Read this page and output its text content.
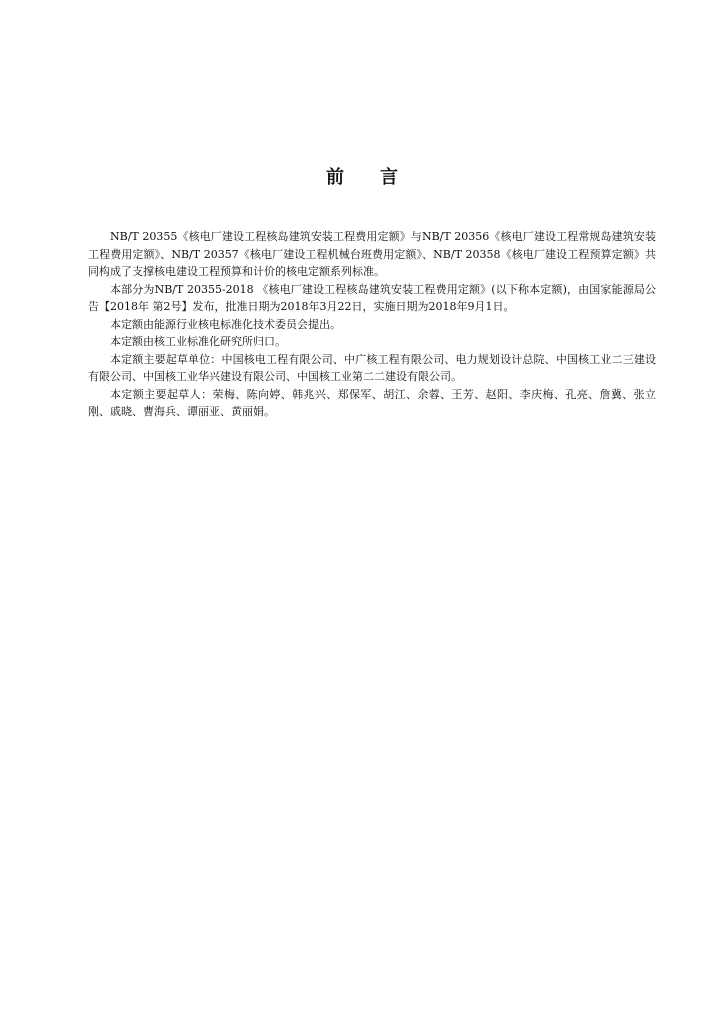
前　　言

NB/T 20355《核电厂建设工程核岛建筑安装工程费用定额》与NB/T 20356《核电厂建设工程常规岛建筑安装工程费用定额》、NB/T 20357《核电厂建设工程机械台班费用定额》、NB/T 20358《核电厂建设工程预算定额》共同构成了支撑核电建设工程预算和计价的核电定额系列标准。

本部分为NB/T 20355-2018 《核电厂建设工程核岛建筑安装工程费用定额》(以下称本定额)，由国家能源局公告【2018年 第2号】发布，批准日期为2018年3月22日，实施日期为2018年9月1日。

本定额由能源行业核电标准化技术委员会提出。

本定额由核工业标准化研究所归口。

本定额主要起草单位：中国核电工程有限公司、中广核工程有限公司、电力规划设计总院、中国核工业二三建设有限公司、中国核工业华兴建设有限公司、中国核工业第二二建设有限公司。

本定额主要起草人：荣梅、陈向婷、韩兆兴、郑保军、胡江、余蓉、王芳、赵阳、李庆梅、孔亮、詹冀、张立刚、戚晓、曹海兵、谭丽亚、黄丽娟。
